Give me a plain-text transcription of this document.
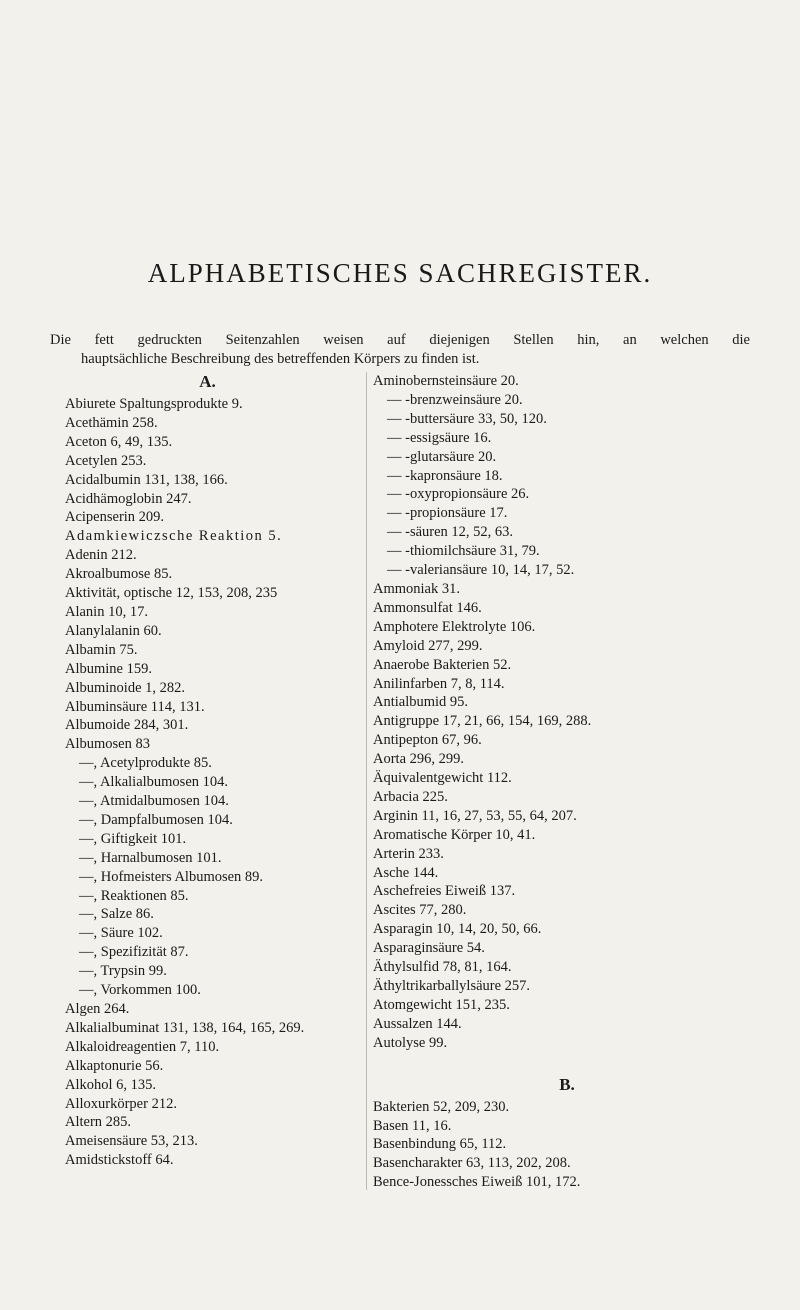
ALPHABETISCHES SACHREGISTER.
Die fett gedruckten Seitenzahlen weisen auf diejenigen Stellen hin, an welchen die
hauptsächliche Beschreibung des betreffenden Körpers zu finden ist.
A.
Abiurete Spaltungsprodukte 9.
Acethämin 258.
Aceton 6, 49, 135.
Acetylen 253.
Acidalbumin 131, 138, 166.
Acidhämoglobin 247.
Acipenserin 209.
Adamkiewiczsche Reaktion 5.
Adenin 212.
Akroalbumose 85.
Aktivität, optische 12, 153, 208, 235
Alanin 10, 17.
Alanylalanin 60.
Albamin 75.
Albumine 159.
Albuminoide 1, 282.
Albuminsäure 114, 131.
Albumoide 284, 301.
Albumosen 83
—, Acetylprodukte 85.
—, Alkalialbumosen 104.
—, Atmidalbumosen 104.
—, Dampfalbumosen 104.
—, Giftigkeit 101.
—, Harnalbumosen 101.
—, Hofmeisters Albumosen 89.
—, Reaktionen 85.
—, Salze 86.
—, Säure 102.
—, Spezifizität 87.
—, Trypsin 99.
—, Vorkommen 100.
Algen 264.
Alkalialbuminat 131, 138, 164, 165, 269.
Alkaloidreagentien 7, 110.
Alkaptonurie 56.
Alkohol 6, 135.
Alloxurkörper 212.
Altern 285.
Ameisensäure 53, 213.
Amidstickstoff 64.
Aminobernsteinsäure 20.
— -brenzweinsäure 20.
— -buttersäure 33, 50, 120.
— -essigsäure 16.
— -glutarsäure 20.
— -kapronsäure 18.
— -oxypropionsäure 26.
— -propionsäure 17.
— -säuren 12, 52, 63.
— -thiomilchsäure 31, 79.
— -valeriansäure 10, 14, 17, 52.
Ammoniak 31.
Ammonsulfat 146.
Amphotere Elektrolyte 106.
Amyloid 277, 299.
Anaerobe Bakterien 52.
Anilinfarben 7, 8, 114.
Antialbumid 95.
Antigruppe 17, 21, 66, 154, 169, 288.
Antipepton 67, 96.
Aorta 296, 299.
Äquivalentgewicht 112.
Arbacia 225.
Arginin 11, 16, 27, 53, 55, 64, 207.
Aromatische Körper 10, 41.
Arterin 233.
Asche 144.
Aschefreies Eiweiß 137.
Ascites 77, 280.
Asparagin 10, 14, 20, 50, 66.
Asparaginsäure 54.
Äthylsulfid 78, 81, 164.
Äthyltrikarballylsäure 257.
Atomgewicht 151, 235.
Aussalzen 144.
Autolyse 99.
B.
Bakterien 52, 209, 230.
Basen 11, 16.
Basenbindung 65, 112.
Basencharakter 63, 113, 202, 208.
Bence-Jonessches Eiweiß 101, 172.
